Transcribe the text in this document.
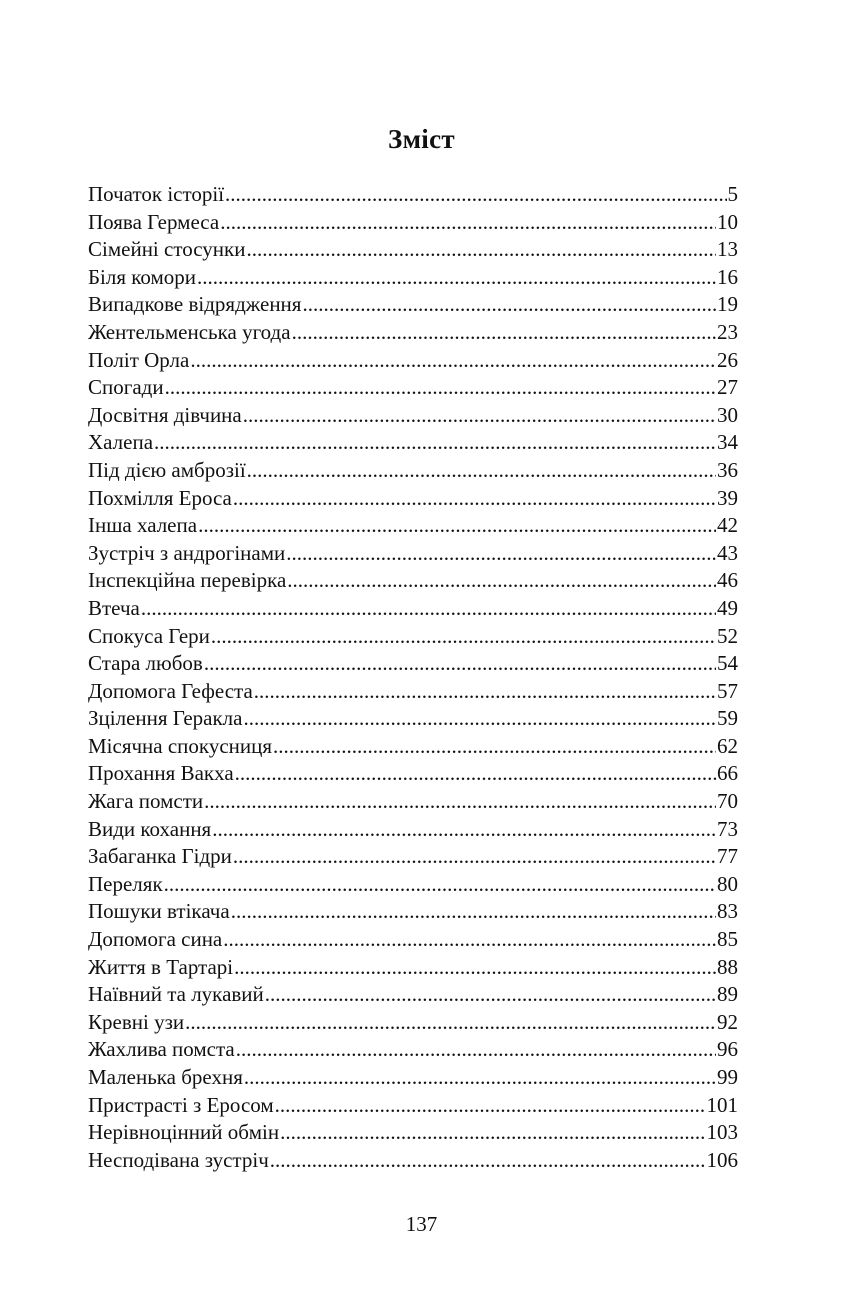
Зміст
Початок історії .....	5
Поява Гермеса .....	10
Сімейні стосунки .....	13
Біля комори .....	16
Випадкове відрядження .....	19
Жентельменська угода .....	23
Політ Орла .....	26
Спогади .....	27
Досвітня дівчина .....	30
Халепа .....	34
Під дією амброзії .....	36
Похмілля Ероса .....	39
Інша халепа .....	42
Зустріч з андрогінами .....	43
Інспекційна перевірка .....	46
Втеча .....	49
Спокуса Гери .....	52
Стара любов .....	54
Допомога Гефеста .....	57
Зцілення Геракла .....	59
Місячна спокусниця .....	62
Прохання Вакха .....	66
Жага помсти .....	70
Види кохання .....	73
Забаганка Гідри .....	77
Переляк .....	80
Пошуки втікача .....	83
Допомога сина .....	85
Життя в Тартарі .....	88
Наївний та лукавий .....	89
Кревні узи .....	92
Жахлива помста .....	96
Маленька брехня .....	99
Пристрасті з Еросом .....	101
Нерівноцінний обмін .....	103
Несподівана зустріч .....	106
137
